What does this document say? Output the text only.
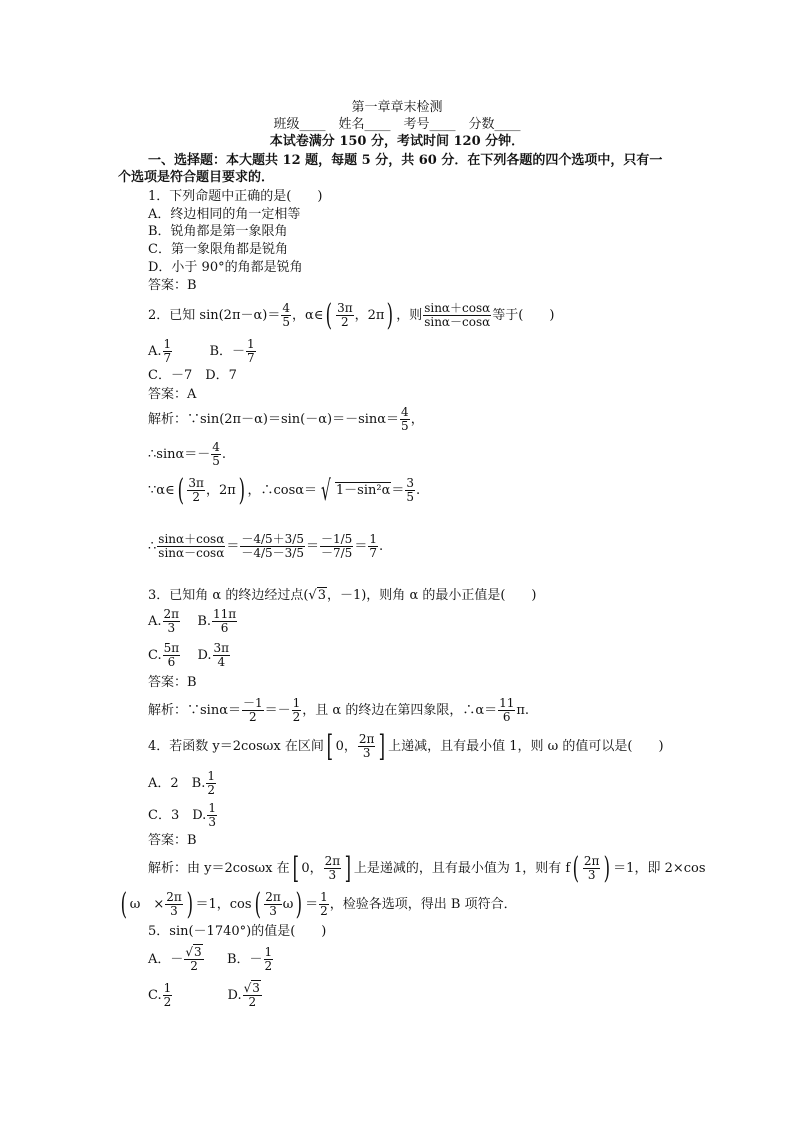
第一章章末检测
班级____　姓名____　考号____　分数____
本试卷满分 150 分，考试时间 120 分钟．
一、选择题：本大题共 12 题，每题 5 分，共 60 分．在下列各题的四个选项中，只有一
个选项是符合题目要求的．
1．下列命题中正确的是(　　)
A．终边相同的角一定相等
B．锐角都是第一象限角
C．第一象限角都是锐角
D．小于 90°的角都是锐角
答案：B
2．已知 $\sin(2\pi-\alpha)= \frac{4}{5}$ ，α∈( $\frac{3\pi}{2}$ ，2π) ，则 $\frac{\sin\alpha+\cos\alpha}{\sin\alpha-\cos\alpha}$ 等于(　　)
A. $\frac{1}{7}$	B．－ $\frac{1}{7}$
C．－7　D．7
答案：A
解析：∵sin(2π－α)＝sin(－α)＝－sinα＝ $\frac{4}{5}$ ，
∴sinα＝－ $\frac{4}{5}$ .
∵α∈( $\frac{3\pi}{2}$ ，2π) ，∴cosα＝ √ $1-\sin^2\alpha= \frac{3}{5}$ .
∴ $\frac{\sin\alpha+\cos\alpha}{\sin\alpha-\cos\alpha} = \frac{-4/5+3/5}{-4/5-3/5} = \frac{-1/5}{-7/5} = \frac{1}{7}$ .
3．已知角 α 的终边经过点(√3，－1)，则角 α 的最小正值是(　　)
A. $\frac{2\pi}{3} B$. $\frac{11\pi}{6}$
C. $\frac{5\pi}{6} D$. $\frac{3\pi}{4}$
答案：B
解析：∵sinα＝ $\frac{-1}{2} =- \frac{1}{2}$ ，且 α 的终边在第四象限，∴α＝ $\frac{11}{6} \pi$.
4．若函数 y＝2cosωx 在区间[ 0， $\frac{2\pi}{3}$ ] 上递减，且有最小值 1，则 ω 的值可以是(　　)
A．2　B. $\frac{1}{2}$
C．3　D. $\frac{1}{3}$
答案：B
解析：由 y＝2cosωx 在[ 0， $\frac{2\pi}{3}$ ] 上是递减的，且有最小值为 1，则有 $f( \frac{2\pi}{3}$ ) ＝1，即 2×cos
( ω　× $\frac{2\pi}{3}$ ) ＝1，$\cos( \frac{2\pi}{3} \omega) = \frac{1}{2}$ ，检验各选项，得出 B 项符合．
5．sin(－1740°)的值是(　　)
A．－ $\frac{√3}{2}$ B．－ $\frac{1}{2}$
C. $\frac{1}{2}$	D. $\frac{√3}{2}$
